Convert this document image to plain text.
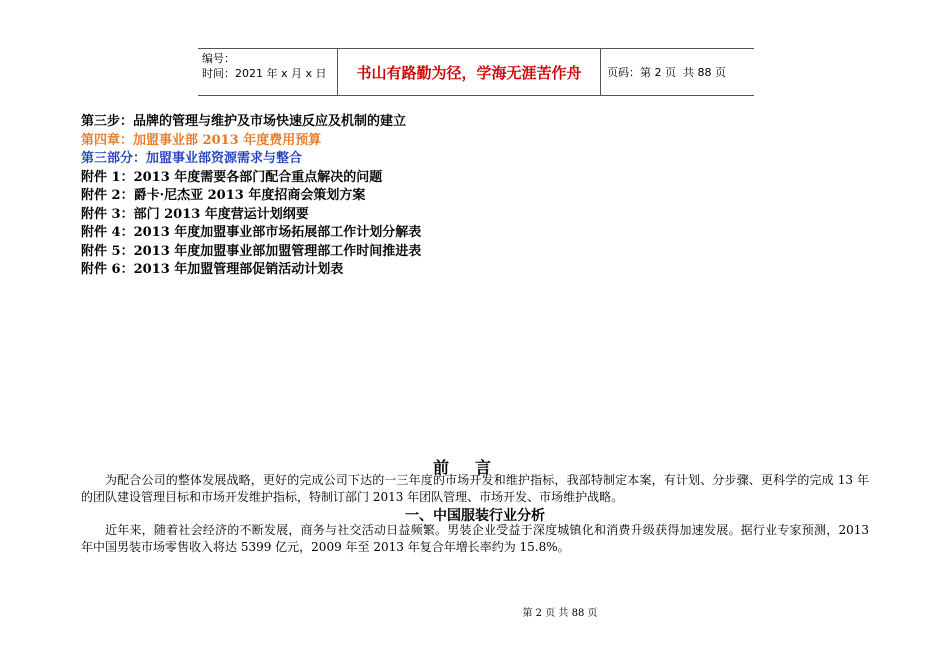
编号：
时间：2021 年 x 月 x 日	书山有路勤为径，学海无涯苦作舟	页码：第 2 页  共 88 页
第三步：品牌的管理与维护及市场快速反应及机制的建立
第四章：加盟事业部 2013 年度费用预算
第三部分：加盟事业部资源需求与整合
附件 1：2013 年度需要各部门配合重点解决的问题
附件 2：爵卡·尼杰亚 2013 年度招商会策划方案
附件 3：部门 2013 年度营运计划纲要
附件 4：2013 年度加盟事业部市场拓展部工作计划分解表
附件 5：2013 年度加盟事业部加盟管理部工作时间推进表
附件 6：2013 年加盟管理部促销活动计划表
前言
为配合公司的整体发展战略，更好的完成公司下达的一三年度的市场开发和维护指标，我部特制定本案，有计划、分步骤、更科学的完成 13 年的团队建设管理目标和市场开发维护指标，特制订部门 2013 年团队管理、市场开发、市场维护战略。
一、中国服装行业分析
近年来，随着社会经济的不断发展，商务与社交活动日益频繁。男装企业受益于深度城镇化和消费升级获得加速发展。据行业专家预测，2013 年中国男装市场零售收入将达 5399 亿元，2009 年至 2013 年复合年增长率约为 15.8%。
第 2 页 共 88 页
